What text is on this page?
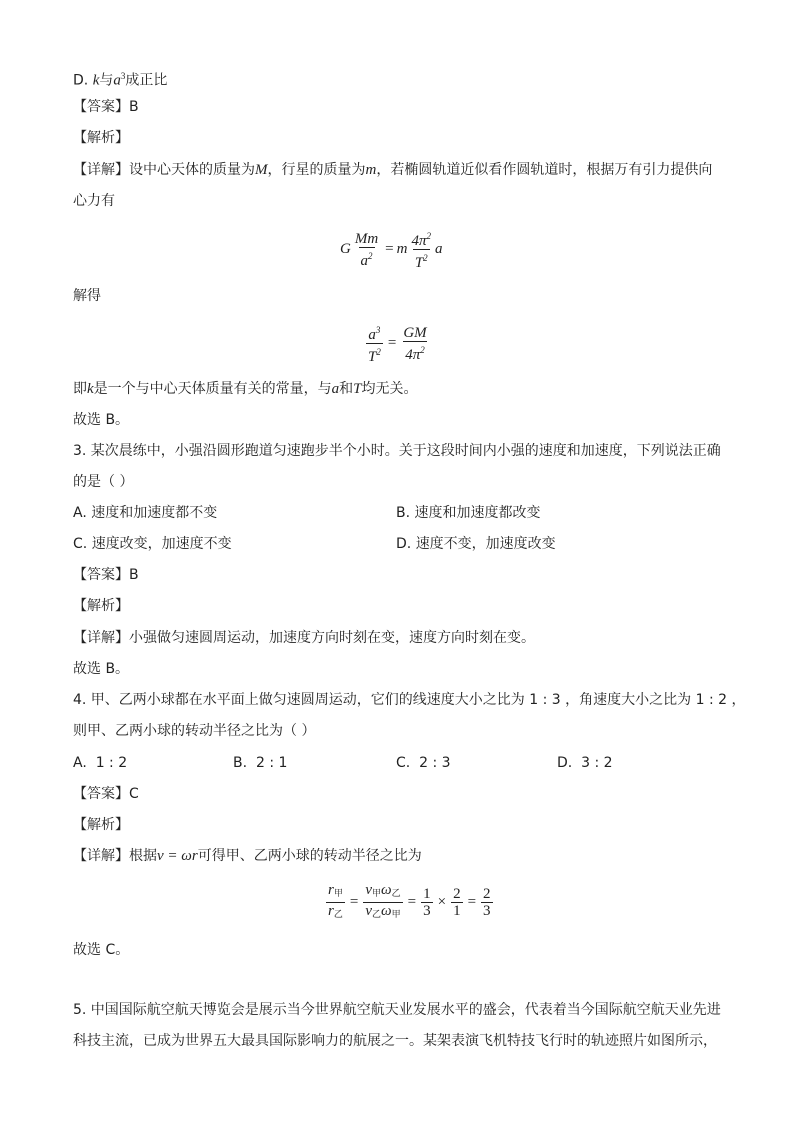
D. k与$a^3$成正比
【答案】B
【解析】
【详解】设中心天体的质量为M，行星的质量为m，若椭圆轨道近似看作圆轨道时，根据万有引力提供向
心力有
G $\frac{Mm}{a^2} = m \frac{4\pi^2}{T^2}$ a
解得
$\frac{a^3}{T^2} = \frac{GM}{4\pi^2}$
即k是一个与中心天体质量有关的常量，与a和T均无关。
故选 B。
3. 某次晨练中，小强沿圆形跑道匀速跑步半个小时。关于这段时间内小强的速度和加速度，下列说法正确
的是（ ）
A. 速度和加速度都不变	B. 速度和加速度都改变
C. 速度改变，加速度不变	D. 速度不变，加速度改变
【答案】B
【解析】
【详解】小强做匀速圆周运动，加速度方向时刻在变，速度方向时刻在变。
故选 B。
4. 甲、乙两小球都在水平面上做匀速圆周运动，它们的线速度大小之比为 1 : 3 ，角速度大小之比为 1 : 2 ，
则甲、乙两小球的转动半径之比为（ ）
A. 1 : 2	B. 2 : 1	C. 2 : 3	D. 3 : 2
【答案】C
【解析】
【详解】根据v = ωr可得甲、乙两小球的转动半径之比为
$\frac{r_甲}{r_乙} = \frac{v_甲\omega_乙}{v_乙\omega_甲} = \frac{1}{3} \times \frac{2}{1} = \frac{2}{3}$
故选 C。
5. 中国国际航空航天博览会是展示当今世界航空航天业发展水平的盛会，代表着当今国际航空航天业先进
科技主流，已成为世界五大最具国际影响力的航展之一。某架表演飞机特技飞行时的轨迹照片如图所示，
